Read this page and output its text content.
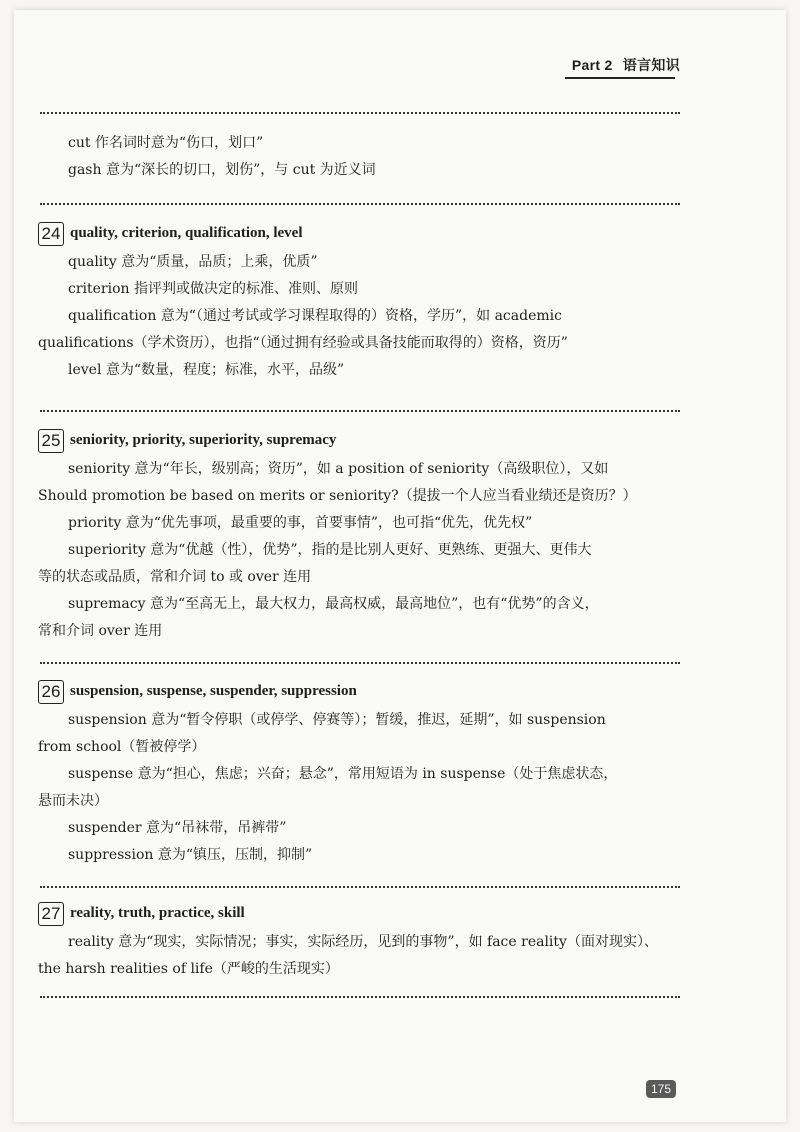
Part 2 语言知识
cut 作名词时意为“伤口，划口”
gash 意为“深长的切口，划伤”，与 cut 为近义词
24 quality, criterion, qualification, level
quality 意为“质量，品质；上乘，优质”
criterion 指评判或做决定的标准、准则、原则
qualification 意为“（通过考试或学习课程取得的）资格，学历”，如 academic
qualifications（学术资历），也指“（通过拥有经验或具备技能而取得的）资格，资历”
level 意为“数量，程度；标准，水平，品级”
25 seniority, priority, superiority, supremacy
seniority 意为“年长，级别高；资历”，如 a position of seniority（高级职位），又如
Should promotion be based on merits or seniority?（提拔一个人应当看业绩还是资历？）
priority 意为“优先事项，最重要的事，首要事情”，也可指“优先，优先权”
superiority 意为“优越（性），优势”，指的是比别人更好、更熟练、更强大、更伟大
等的状态或品质，常和介词 to 或 over 连用
supremacy 意为“至高无上，最大权力，最高权威，最高地位”，也有“优势”的含义，
常和介词 over 连用
26 suspension, suspense, suspender, suppression
suspension 意为“暂令停职（或停学、停赛等）；暂缓，推迟，延期”，如 suspension
from school（暂被停学）
suspense 意为“担心，焦虑；兴奋；悬念”，常用短语为 in suspense（处于焦虑状态，
悬而未决）
suspender 意为“吊袜带，吊裤带”
suppression 意为“镇压，压制，抑制”
27 reality, truth, practice, skill
reality 意为“现实，实际情况；事实，实际经历，见到的事物”，如 face reality（面对现实）、
the harsh realities of life（严峻的生活现实）
175
